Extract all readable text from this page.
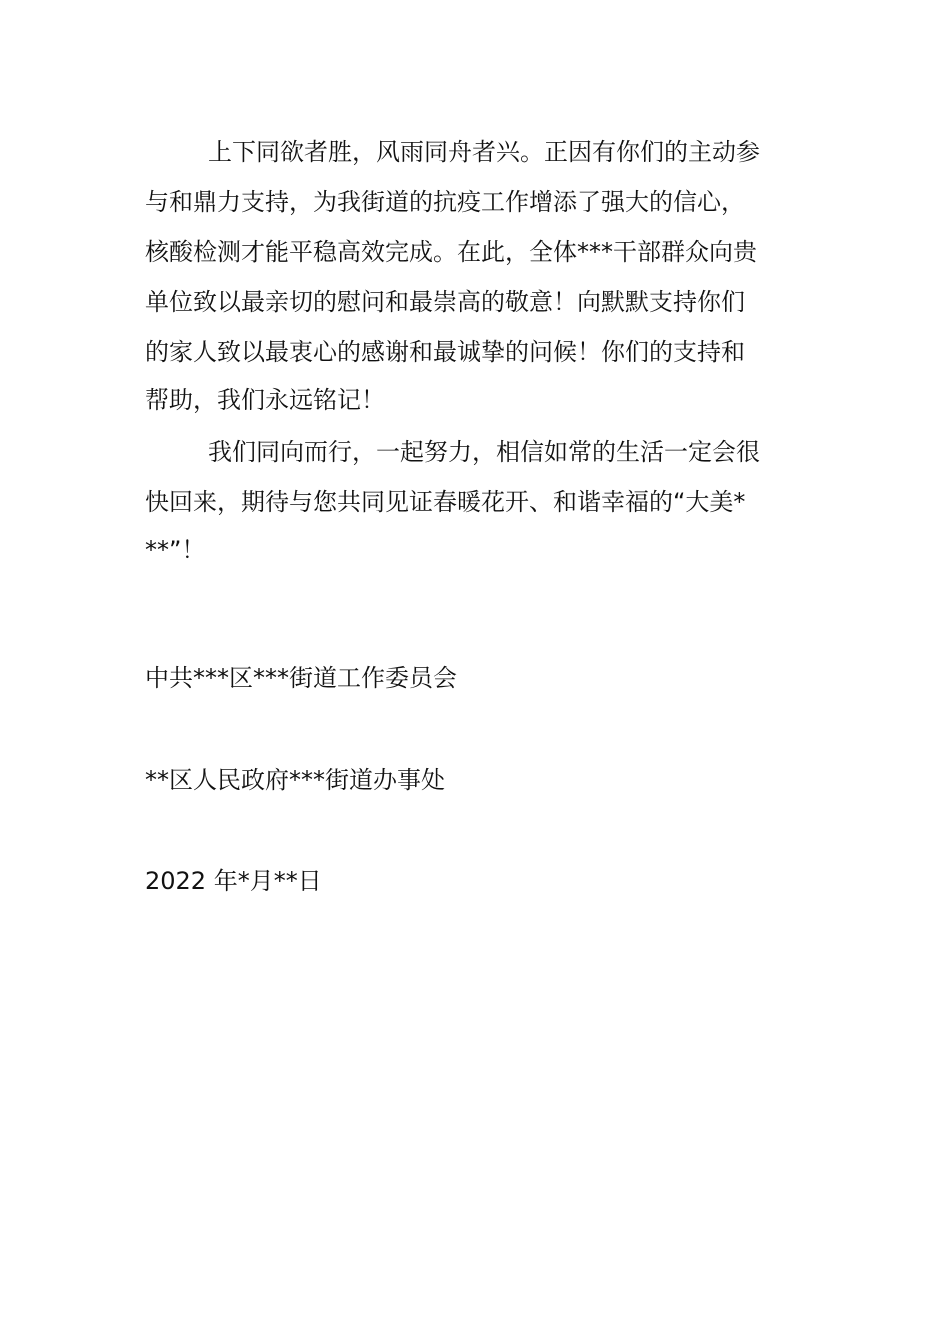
上下同欲者胜，风雨同舟者兴。正因有你们的主动参
与和鼎力支持，为我街道的抗疫工作增添了强大的信心，
核酸检测才能平稳高效完成。在此，全体***干部群众向贵
单位致以最亲切的慰问和最崇高的敬意！向默默支持你们
的家人致以最衷心的感谢和最诚挚的问候！你们的支持和
帮助，我们永远铭记！
我们同向而行，一起努力，相信如常的生活一定会很
快回来，期待与您共同见证春暖花开、和谐幸福的“大美*
**”！
中共***区***街道工作委员会
**区人民政府***街道办事处
2022 年*月**日
